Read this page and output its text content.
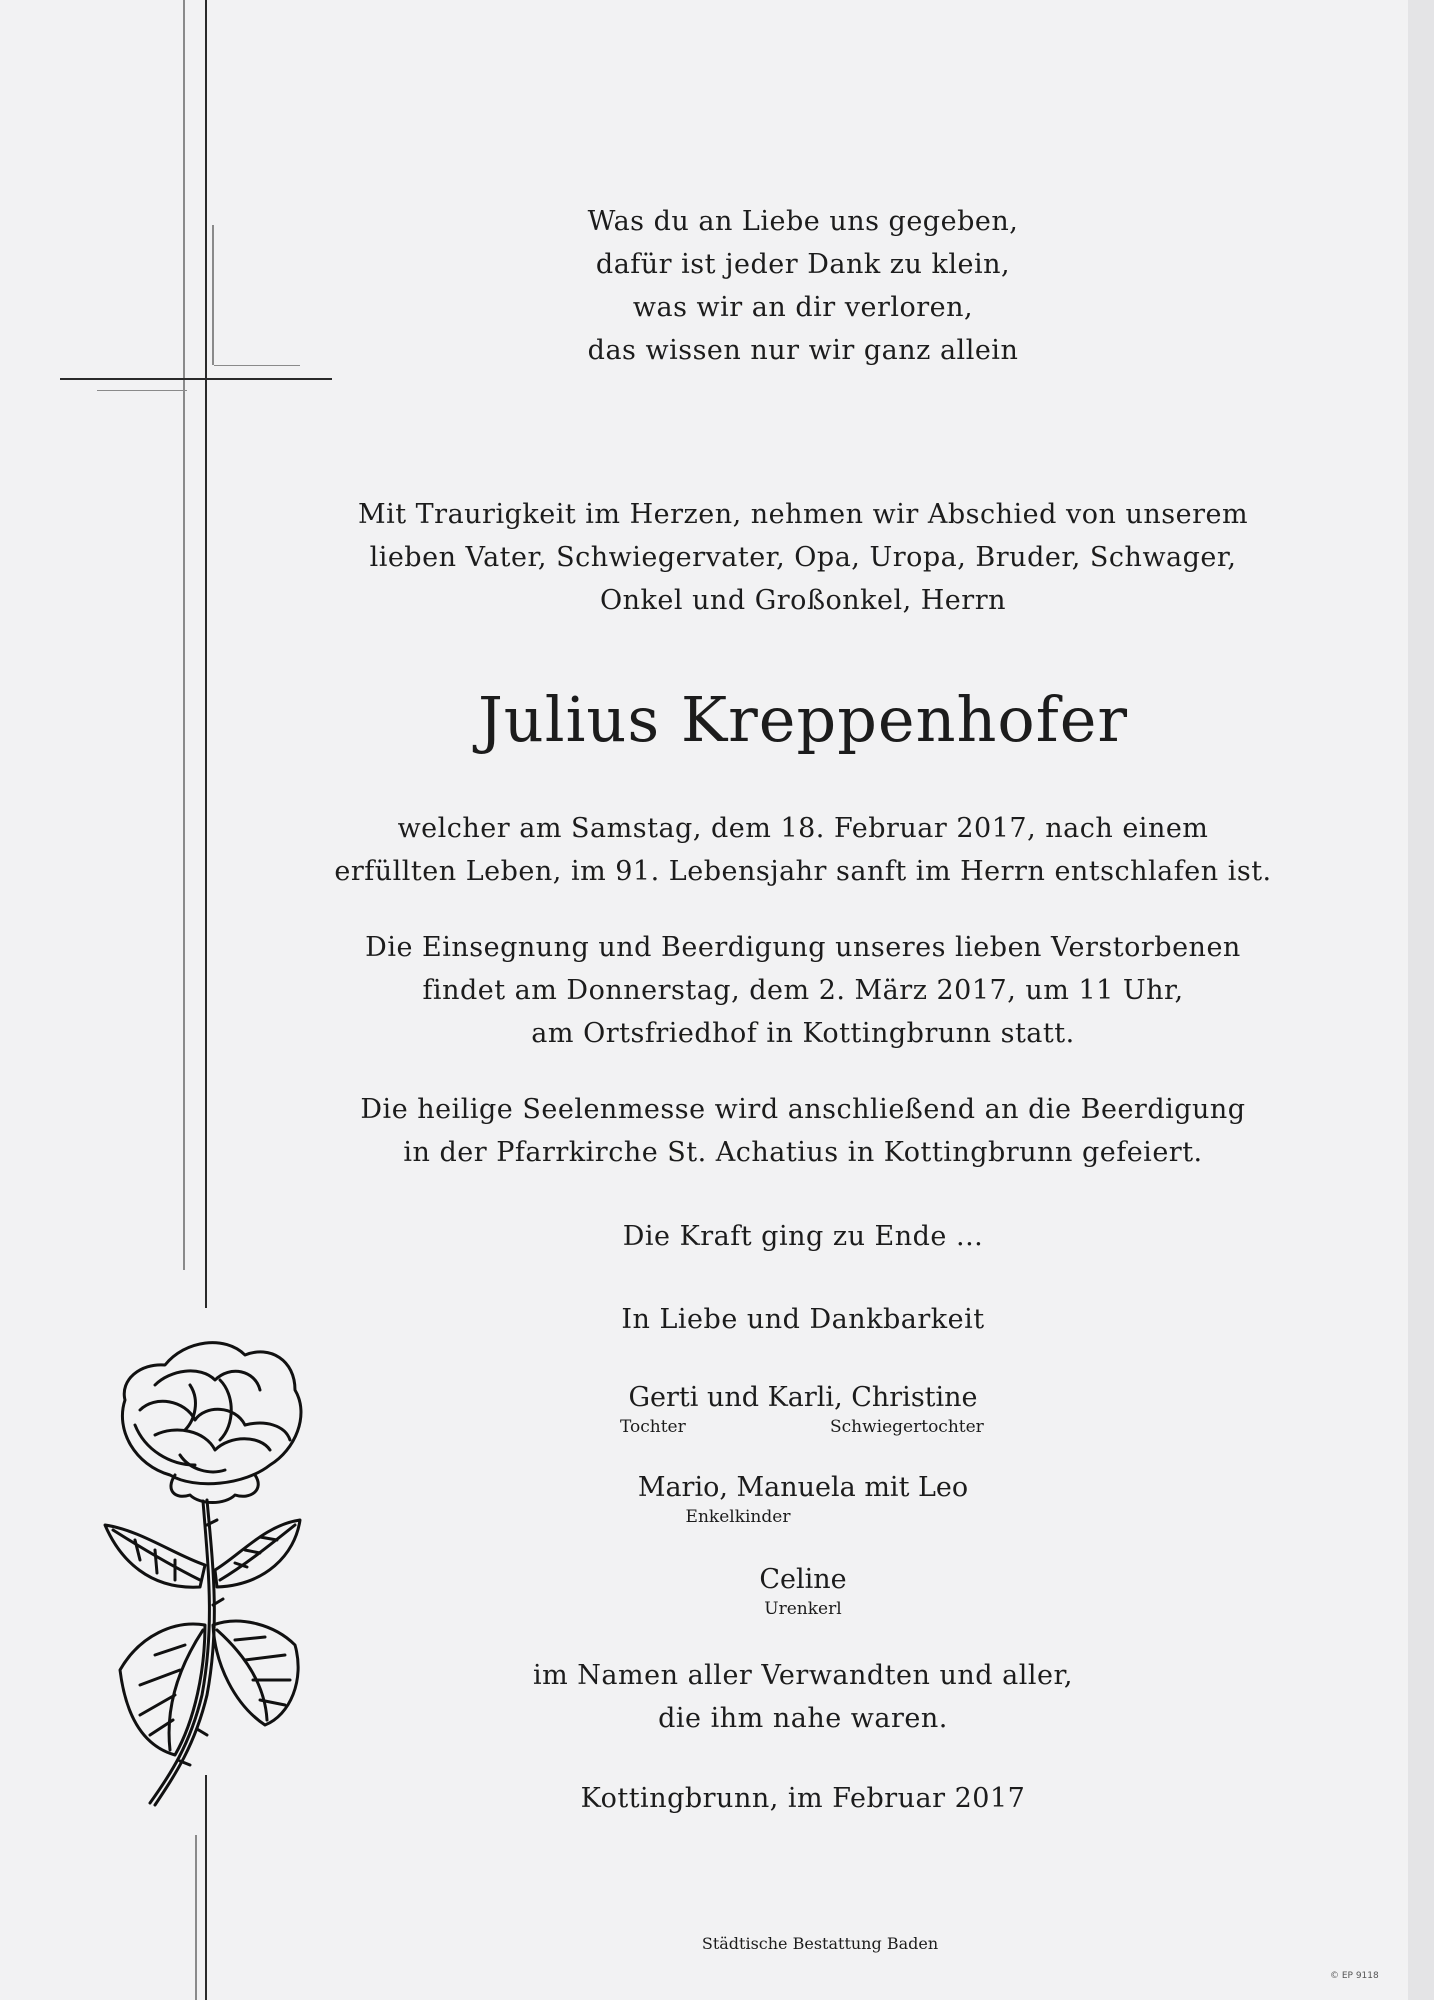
Was du an Liebe uns gegeben,
dafür ist jeder Dank zu klein,
was wir an dir verloren,
das wissen nur wir ganz allein
Mit Traurigkeit im Herzen, nehmen wir Abschied von unserem
lieben Vater, Schwiegervater, Opa, Uropa, Bruder, Schwager,
Onkel und Großonkel, Herrn
Julius Kreppenhofer
welcher am Samstag, dem 18. Februar 2017, nach einem
erfüllten Leben, im 91. Lebensjahr sanft im Herrn entschlafen ist.
Die Einsegnung und Beerdigung unseres lieben Verstorbenen
findet am Donnerstag, dem 2. März 2017, um 11 Uhr,
am Ortsfriedhof in Kottingbrunn statt.
Die heilige Seelenmesse wird anschließend an die Beerdigung
in der Pfarrkirche St. Achatius in Kottingbrunn gefeiert.
Die Kraft ging zu Ende ...
In Liebe und Dankbarkeit
Gerti und Karli, Christine
Tochter	Schwiegertochter
Mario, Manuela mit Leo
Enkelkinder
Celine
Urenkerl
im Namen aller Verwandten und aller,
die ihm nahe waren.
Kottingbrunn, im Februar 2017
Städtische Bestattung Baden
© EP 9118
